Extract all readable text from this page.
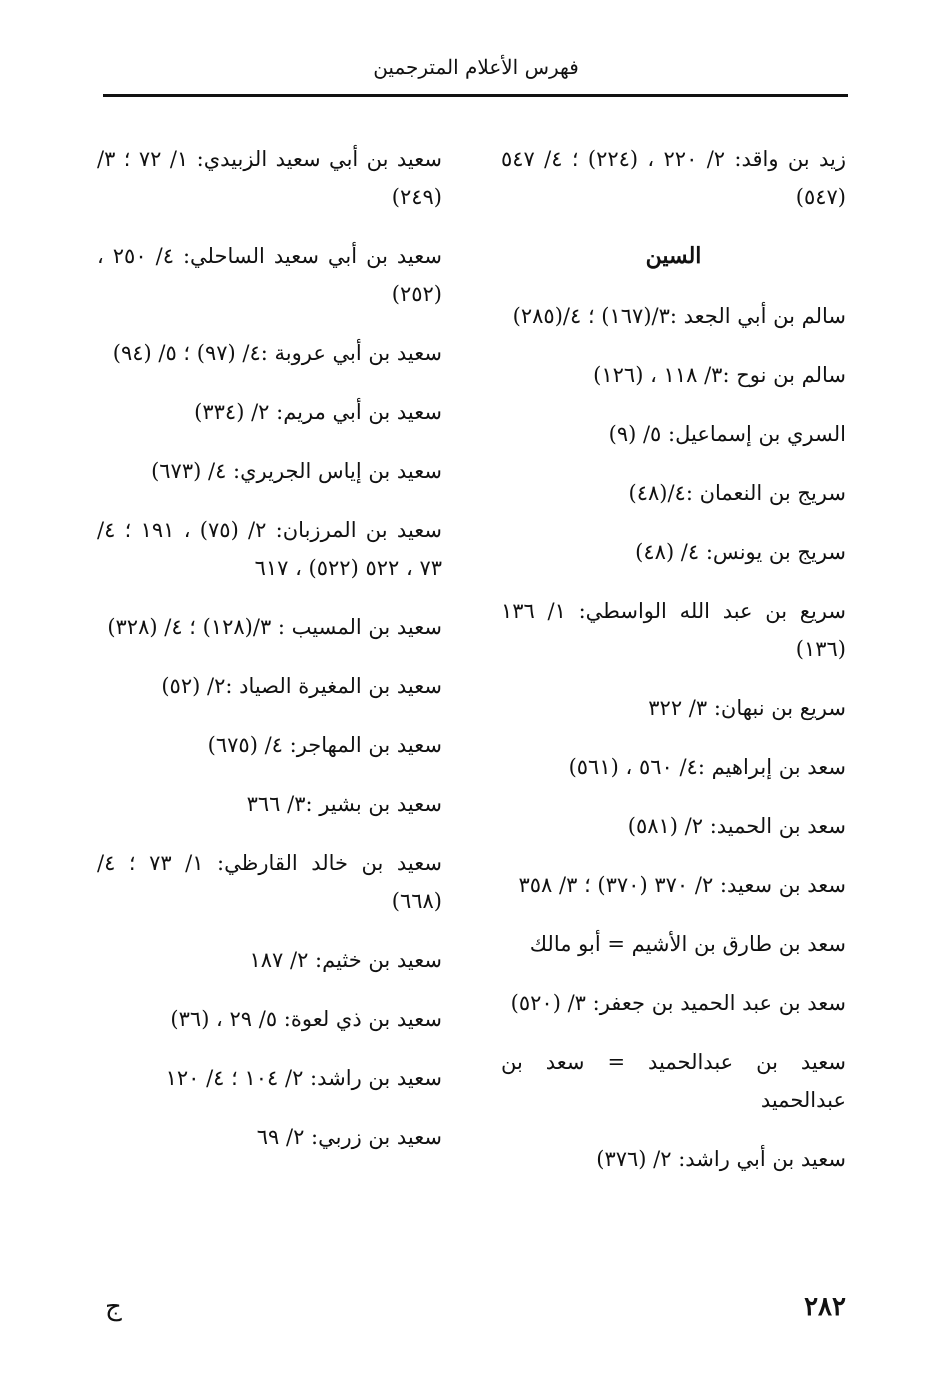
فهرس الأعلام المترجمين

زيد بن واقد: ٢/ ٢٢٠ ، (٢٢٤) ؛ ٤/ ٥٤٧ (٥٤٧)

السين

سالم بن أبي الجعد :٣/(١٦٧) ؛ ٤/(٢٨٥)

سالم بن نوح :٣/ ١١٨ ، (١٢٦)

السري بن إسماعيل: ٥/ (٩)

سريج بن النعمان :٤/(٤٨)

سريج بن يونس: ٤/ (٤٨)

سريع بن عبد الله الواسطي: ١/ ١٣٦ (١٣٦)

سريع بن نبهان: ٣/ ٣٢٢

سعد بن إبراهيم :٤/ ٥٦٠ ، (٥٦١)

سعد بن الحميد: ٢/ (٥٨١)

سعد بن سعيد: ٢/ ٣٧٠ (٣٧٠) ؛ ٣/ ٣٥٨

سعد بن طارق بن الأشيم = أبو مالك

سعد بن عبد الحميد بن جعفر: ٣/ (٥٢٠)

سعيد بن عبدالحميد = سعد بن عبدالحميد

سعيد بن أبي راشد: ٢/ (٣٧٦)

سعيد بن أبي سعيد الزبيدي: ١/ ٧٢ ؛ ٣/ (٢٤٩)

سعيد بن أبي سعيد الساحلي: ٤/ ٢٥٠ ، (٢٥٢)

سعيد بن أبي عروبة :٤/ (٩٧) ؛ ٥/ (٩٤)

سعيد بن أبي مريم: ٢/ (٣٣٤)

سعيد بن إياس الجريري: ٤/ (٦٧٣)

سعيد بن المرزبان: ٢/ (٧٥) ، ١٩١ ؛ ٤/ ٧٣ ، ٥٢٢ (٥٢٢) ، ٦١٧

سعيد بن المسيب : ٣/(١٢٨) ؛ ٤/ (٣٢٨)

سعيد بن المغيرة الصياد :٢/ (٥٢)

سعيد بن المهاجر: ٤/ (٦٧٥)

سعيد بن بشير :٣/ ٣٦٦

سعيد بن خالد القارظي: ١/ ٧٣ ؛ ٤/ (٦٦٨)

سعيد بن خثيم: ٢/ ١٨٧

سعيد بن ذي لعوة: ٥/ ٢٩ ، (٣٦)

سعيد بن راشد: ٢/ ١٠٤ ؛ ٤/ ١٢٠

سعيد بن زربي: ٢/ ٦٩

٢٨٢
ج
